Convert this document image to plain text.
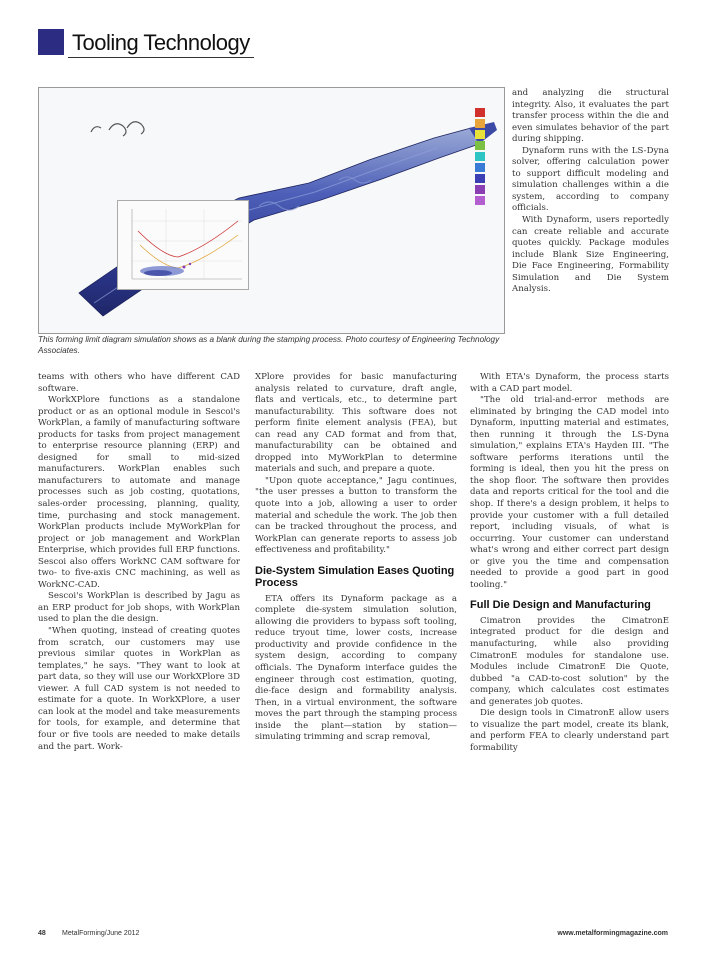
Tooling Technology
This forming limit diagram simulation shows as a blank during the stamping process. Photo courtesy of Engineering Technology Associates.

and analyzing die structural integrity. Also, it evaluates the part transfer process within the die and even simulates behavior of the part during shipping.

Dynaform runs with the LS-Dyna solver, offering calculation power to support difficult modeling and simulation challenges within a die system, according to company officials.

With Dynaform, users reportedly can create reliable and accurate quotes quickly. Package modules include Blank Size Engineering, Die Face Engineering, Formability Simulation and Die System Analysis.

teams with others who have different CAD software.

WorkXPlore functions as a standalone product or as an optional module in Sescoi's WorkPlan, a family of manufacturing software products for tasks from project management to enterprise resource planning (ERP) and designed for small to mid-sized manufacturers. WorkPlan enables such manufacturers to automate and manage processes such as job costing, quotations, sales-order processing, planning, quality, time, purchasing and stock management. WorkPlan products include MyWorkPlan for project or job management and WorkPlan Enterprise, which provides full ERP functions. Sescoi also offers WorkNC CAM software for two- to five-axis CNC machining, as well as WorkNC-CAD.

Sescoi's WorkPlan is described by Jagu as an ERP product for job shops, with WorkPlan used to plan the die design.

"When quoting, instead of creating quotes from scratch, our customers may use previous similar quotes in WorkPlan as templates," he says. "They want to look at part data, so they will use our WorkXPlore 3D viewer. A full CAD system is not needed to estimate for a quote. In WorkXPlore, a user can look at the model and take measurements for tools, for example, and determine that four or five tools are needed to make details and the part. Work-

XPlore provides for basic manufacturing analysis related to curvature, draft angle, flats and verticals, etc., to determine part manufacturability. This software does not perform finite element analysis (FEA), but can read any CAD format and from that, manufacturability can be obtained and dropped into MyWorkPlan to determine materials and such, and prepare a quote.

"Upon quote acceptance," Jagu continues, "the user presses a button to transform the quote into a job, allowing a user to order material and schedule the work. The job then can be tracked throughout the process, and WorkPlan can generate reports to assess job effectiveness and profitability."

Die-System Simulation Eases Quoting Process

ETA offers its Dynaform package as a complete die-system simulation solution, allowing die providers to bypass soft tooling, reduce tryout time, lower costs, increase productivity and provide confidence in the system design, according to company officials. The Dynaform interface guides the engineer through cost estimation, quoting, die-face design and formability analysis. Then, in a virtual environment, the software moves the part through the stamping process inside the plant—station by station—simulating trimming and scrap removal,

With ETA's Dynaform, the process starts with a CAD part model.

"The old trial-and-error methods are eliminated by bringing the CAD model into Dynaform, inputting material and estimates, then running it through the LS-Dyna simulation," explains ETA's Hayden III. "The software performs iterations until the forming is ideal, then you hit the press on the shop floor. The software then provides data and reports critical for the tool and die shop. If there's a design problem, it helps to provide your customer with a full detailed report, including visuals, of what is occurring. Your customer can understand what's wrong and either correct part design or give you the time and compensation needed to provide a good part in good tooling."

Full Die Design and Manufacturing

Cimatron provides the CimatronE integrated product for die design and manufacturing, while also providing CimatronE modules for standalone use. Modules include CimatronE Die Quote, dubbed "a CAD-to-cost solution" by the company, which calculates cost estimates and generates job quotes.

Die design tools in CimatronE allow users to visualize the part model, create its blank, and perform FEA to clearly understand part formability

48 MetalForming/June 2012	www.metalformingmagazine.com
